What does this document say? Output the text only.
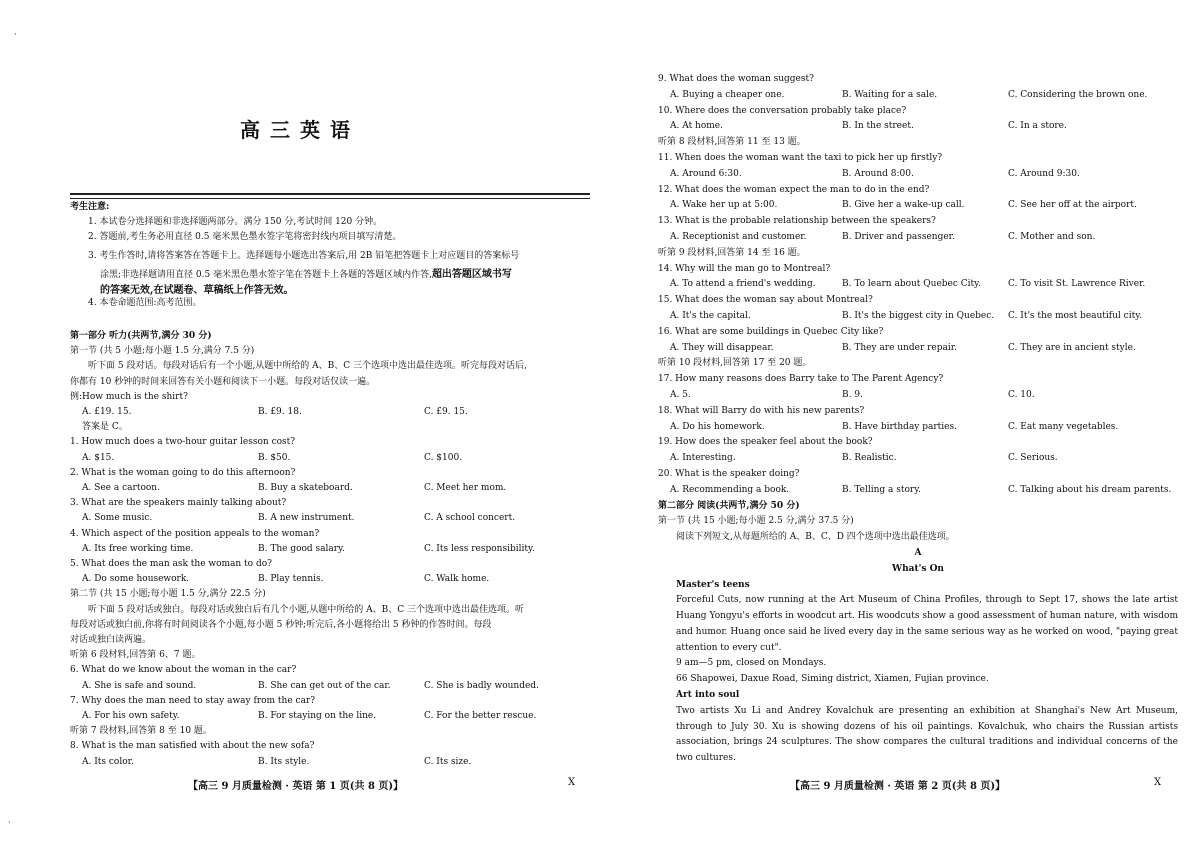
·
高三英语
考生注意:
1. 本试卷分选择题和非选择题两部分。满分 150 分,考试时间 120 分钟。
2. 答题前,考生务必用直径 0.5 毫米黑色墨水签字笔将密封线内项目填写清楚。
3. 考生作答时,请将答案答在答题卡上。选择题每小题选出答案后,用 2B 铅笔把答题卡上对应题目的答案标号
涂黑;非选择题请用直径 0.5 毫米黑色墨水签字笔在答题卡上各题的答题区域内作答,超出答题区域书写
的答案无效,在试题卷、草稿纸上作答无效。
4. 本卷命题范围:高考范围。
第一部分 听力(共两节,满分 30 分)
第一节 (共 5 小题;每小题 1.5 分,满分 7.5 分)
听下面 5 段对话。每段对话后有一个小题,从题中所给的 A、B、C 三个选项中选出最佳选项。听完每段对话后,
你都有 10 秒钟的时间来回答有关小题和阅读下一小题。每段对话仅读一遍。
例:How much is the shirt?
A. £19. 15.	B. £9. 18.	C. £9. 15.
答案是 C。
1. How much does a two-hour guitar lesson cost?
A. $15.	B. $50.	C. $100.
2. What is the woman going to do this afternoon?
A. See a cartoon.	B. Buy a skateboard.	C. Meet her mom.
3. What are the speakers mainly talking about?
A. Some music.	B. A new instrument.	C. A school concert.
4. Which aspect of the position appeals to the woman?
A. Its free working time.	B. The good salary.	C. Its less responsibility.
5. What does the man ask the woman to do?
A. Do some housework.	B. Play tennis.	C. Walk home.
第二节 (共 15 小题;每小题 1.5 分,满分 22.5 分)
听下面 5 段对话或独白。每段对话或独白后有几个小题,从题中所给的 A、B、C 三个选项中选出最佳选项。听
每段对话或独白前,你将有时间阅读各个小题,每小题 5 秒钟;听完后,各小题将给出 5 秒钟的作答时间。每段
对话或独白读两遍。
听第 6 段材料,回答第 6、7 题。
6. What do we know about the woman in the car?
A. She is safe and sound.	B. She can get out of the car.	C. She is badly wounded.
7. Why does the man need to stay away from the car?
A. For his own safety.	B. For staying on the line.	C. For the better rescue.
听第 7 段材料,回答第 8 至 10 题。
8. What is the man satisfied with about the new sofa?
A. Its color.	B. Its style.	C. Its size.
【高三 9 月质量检测 · 英语 第 1 页(共 8 页)】	X
·
9. What does the woman suggest?
A. Buying a cheaper one.	B. Waiting for a sale.	C. Considering the brown one.
10. Where does the conversation probably take place?
A. At home.	B. In the street.	C. In a store.
听第 8 段材料,回答第 11 至 13 题。
11. When does the woman want the taxi to pick her up firstly?
A. Around 6:30.	B. Around 8:00.	C. Around 9:30.
12. What does the woman expect the man to do in the end?
A. Wake her up at 5:00.	B. Give her a wake-up call.	C. See her off at the airport.
13. What is the probable relationship between the speakers?
A. Receptionist and customer.	B. Driver and passenger.	C. Mother and son.
听第 9 段材料,回答第 14 至 16 题。
14. Why will the man go to Montreal?
A. To attend a friend's wedding.	B. To learn about Quebec City.	C. To visit St. Lawrence River.
15. What does the woman say about Montreal?
A. It's the capital.	B. It's the biggest city in Quebec.	C. It's the most beautiful city.
16. What are some buildings in Quebec City like?
A. They will disappear.	B. They are under repair.	C. They are in ancient style.
听第 10 段材料,回答第 17 至 20 题。
17. How many reasons does Barry take to The Parent Agency?
A. 5.	B. 9.	C. 10.
18. What will Barry do with his new parents?
A. Do his homework.	B. Have birthday parties.	C. Eat many vegetables.
19. How does the speaker feel about the book?
A. Interesting.	B. Realistic.	C. Serious.
20. What is the speaker doing?
A. Recommending a book.	B. Telling a story.	C. Talking about his dream parents.
第二部分 阅读(共两节,满分 50 分)
第一节 (共 15 小题;每小题 2.5 分,满分 37.5 分)
阅读下列短文,从每题所给的 A、B、C、D 四个选项中选出最佳选项。
A
What's On
Master's teens
Forceful Cuts, now running at the Art Museum of China Profiles, through to Sept 17, shows the late artist Huang Yongyu's efforts in woodcut art. His woodcuts show a good assessment of human nature, with wisdom and humor. Huang once said he lived every day in the same serious way as he worked on wood, "paying great attention to every cut".
9 am—5 pm, closed on Mondays.
66 Shapowei, Daxue Road, Siming district, Xiamen, Fujian province.
Art into soul
Two artists Xu Li and Andrey Kovalchuk are presenting an exhibition at Shanghai's New Art Museum, through to July 30. Xu is showing dozens of his oil paintings. Kovalchuk, who chairs the Russian artists association, brings 24 sculptures. The show compares the cultural traditions and individual concerns of the two cultures.
【高三 9 月质量检测 · 英语 第 2 页(共 8 页)】	X
